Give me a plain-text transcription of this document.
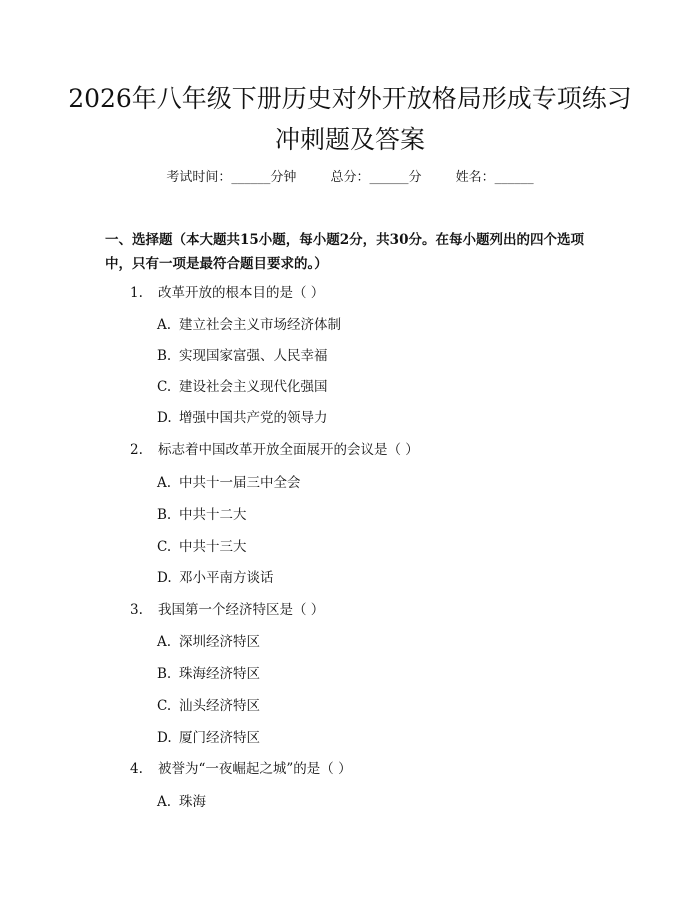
2026年八年级下册历史对外开放格局形成专项练习冲刺题及答案
考试时间：______分钟	总分：______分	姓名：______

一、选择题（本大题共15小题，每小题2分，共30分。在每小题列出的四个选项中，只有一项是最符合题目要求的。）

1. 改革开放的根本目的是（ ）

A. 建立社会主义市场经济体制

B. 实现国家富强、人民幸福

C. 建设社会主义现代化强国

D. 增强中国共产党的领导力

2. 标志着中国改革开放全面展开的会议是（ ）

A. 中共十一届三中全会

B. 中共十二大

C. 中共十三大

D. 邓小平南方谈话

3. 我国第一个经济特区是（ ）

A. 深圳经济特区

B. 珠海经济特区

C. 汕头经济特区

D. 厦门经济特区

4. 被誉为“一夜崛起之城”的是（ ）

A. 珠海
